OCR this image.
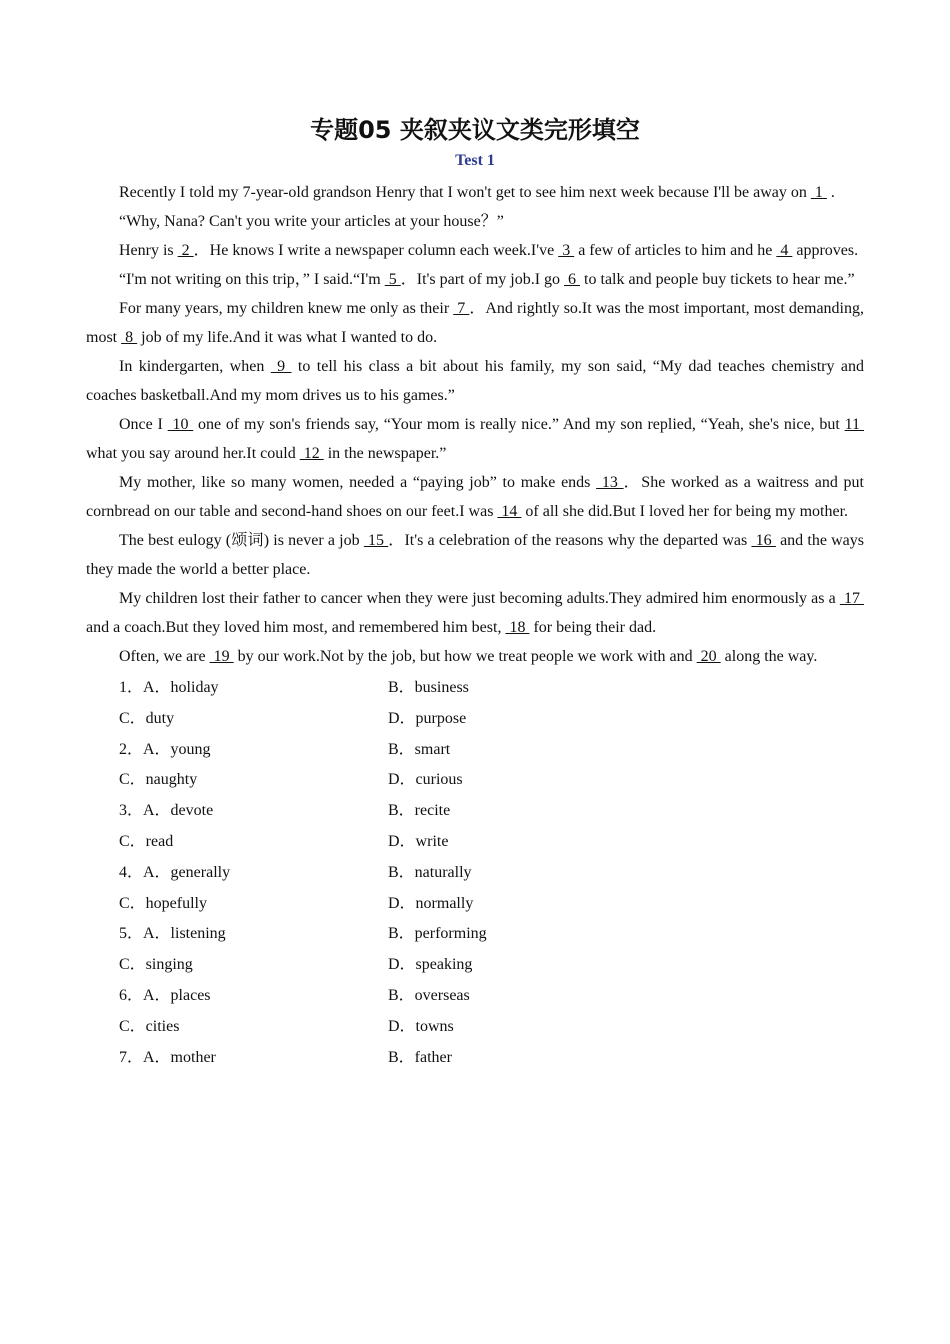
专题05 夹叙夹议文类完形填空
Test 1

Recently I told my 7-year-old grandson Henry that I won't get to see him next week because I'll be away on  1  .

“Why, Nana? Can't you write your articles at your house？”

Henry is  2 ．He knows I write a newspaper column each week.I've  3  a few of articles to him and he  4  approves.

“I'm not writing on this trip，” I said.“I'm  5 ．It's part of my job.I go  6  to talk and people buy tickets to hear me.”

For many years, my children knew me only as their  7 ．And rightly so.It was the most important, most demanding, most  8  job of my life.And it was what I wanted to do.

In kindergarten, when  9  to tell his class a bit about his family, my son said, “My dad teaches chemistry and coaches basketball.And my mom drives us to his games.”

Once I  10  one of my son's friends say, “Your mom is really nice.” And my son replied, “Yeah, she's nice, but 11  what you say around her.It could  12  in the newspaper.”

My mother, like so many women, needed a “paying job” to make ends  13 ．She worked as a waitress and put cornbread on our table and second-hand shoes on our feet.I was  14  of all she did.But I loved her for being my mother.

The best eulogy (颂词) is never a job  15 ．It's a celebration of the reasons why the departed was  16  and the ways they made the world a better place.

My children lost their father to cancer when they were just becoming adults.They admired him enormously as a  17  and a coach.But they loved him most, and remembered him best,  18  for being their dad.

Often, we are  19  by our work.Not by the job, but how we treat people we work with and  20  along the way.

1．A．holiday	B．business
C．duty	D．purpose
2．A．young	B．smart
C．naughty	D．curious
3．A．devote	B．recite
C．read	D．write
4．A．generally	B．naturally
C．hopefully	D．normally
5．A．listening	B．performing
C．singing	D．speaking
6．A．places	B．overseas
C．cities	D．towns
7．A．mother	B．father
